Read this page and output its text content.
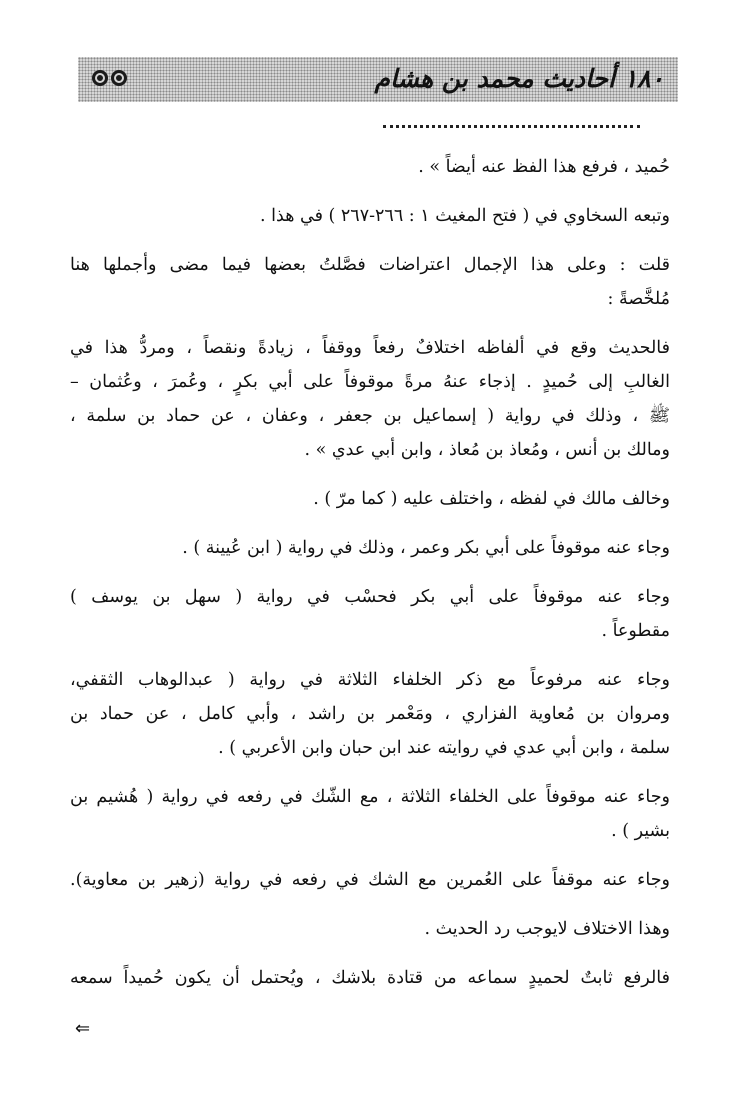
١٨٠ أحاديث محمد بن هشام
حُميد ، فرفع هذا الفظ عنه أيضاً » .
وتبعه السخاوي في ( فتح المغيث ١ : ٢٦٦-٢٦٧ ) في هذا .
قلت : وعلى هذا الإجمال اعتراضات فصَّلتُ بعضها فيما مضى وأجملها هنا
مُلخَّصةً :
فالحديث وقع في ألفاظه اختلافٌ رفعاً ووقفاً ، زيادةً ونقصاً ، ومردُّ هذا في
الغالبِ إلى حُميدٍ . إذجاء عنهُ مرةً موقوفاً على أبي بكرٍ ، وعُمرَ ، وعُثمان –
ﷺ ، وذلك في رواية ( إسماعيل بن جعفر ، وعفان ، عن حماد بن سلمة ،
ومالك بن أنس ، ومُعاذ بن مُعاذ ، وابن أبي عدي » .
وخالف مالك في لفظه ، واختلف عليه ( كما مرّ ) .
وجاء عنه موقوفاً على أبي بكر وعمر ، وذلك في رواية ( ابن عُيينة ) .
وجاء عنه موقوفاً على أبي بكر فحسْب في رواية ( سهل بن يوسف )
مقطوعاً .
وجاء عنه مرفوعاً مع ذكر الخلفاء الثلاثة في رواية ( عبدالوهاب الثقفي،
ومروان بن مُعاوية الفزاري ، ومَعْمر بن راشد ، وأبي كامل ، عن حماد بن
سلمة ، وابن أبي عدي في روايته عند ابن حبان وابن الأعربي ) .
وجاء عنه موقوفاً على الخلفاء الثلاثة ، مع الشّك في رفعه في رواية ( هُشيم بن
بشير ) .
وجاء عنه موقفاً على العُمرين مع الشك في رفعه في رواية (زهير بن معاوية).
وهذا الاختلاف لايوجب رد الحديث .
فالرفع ثابتٌ لحميدٍ سماعه من قتادة بلاشك ، ويُحتمل أن يكون حُميداً سمعه
⇐
